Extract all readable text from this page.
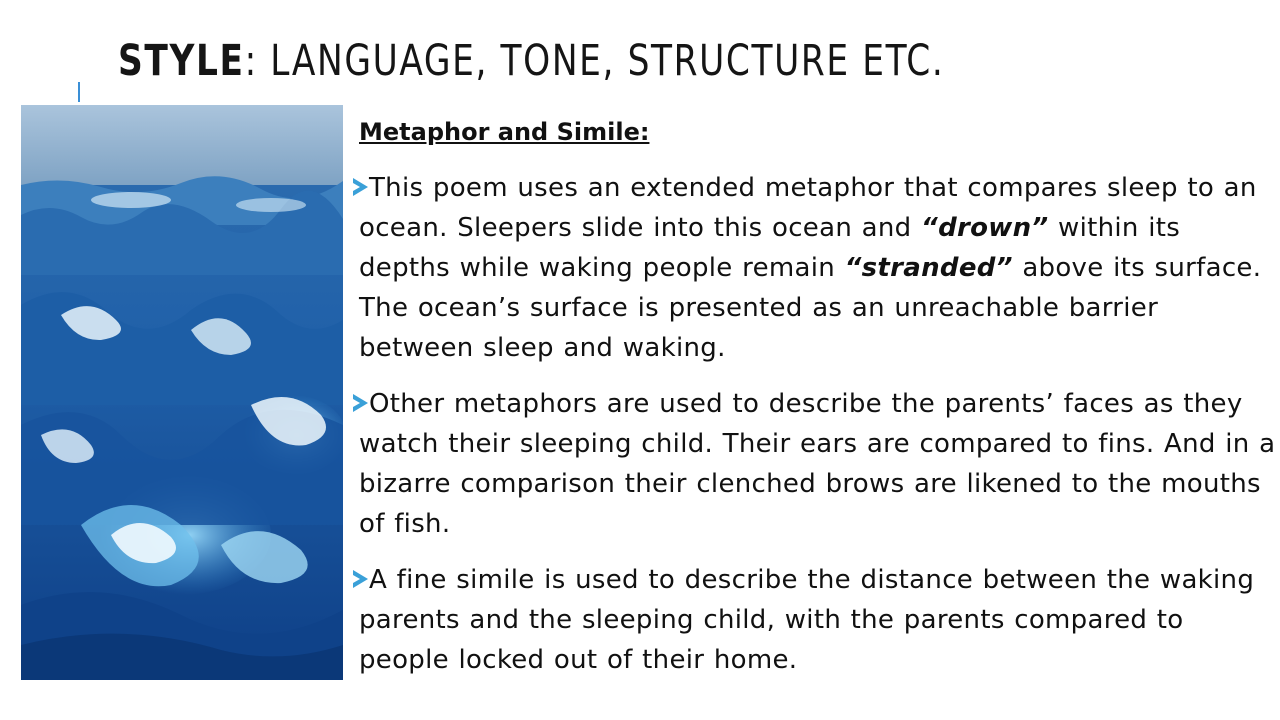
STYLE: LANGUAGE, TONE, STRUCTURE ETC.
Metaphor and Simile:
This poem uses an extended metaphor that compares sleep to an ocean. Sleepers slide into this ocean and “drown” within its depths while waking people remain “stranded” above its surface. The ocean’s surface is presented as an unreachable barrier between sleep and waking.
Other metaphors are used to describe the parents’ faces as they watch their sleeping child. Their ears are compared to fins. And in a bizarre comparison their clenched brows are likened to the mouths of fish.
A fine simile is used to describe the distance between the waking parents and the sleeping child, with the parents compared to people locked out of their home.
